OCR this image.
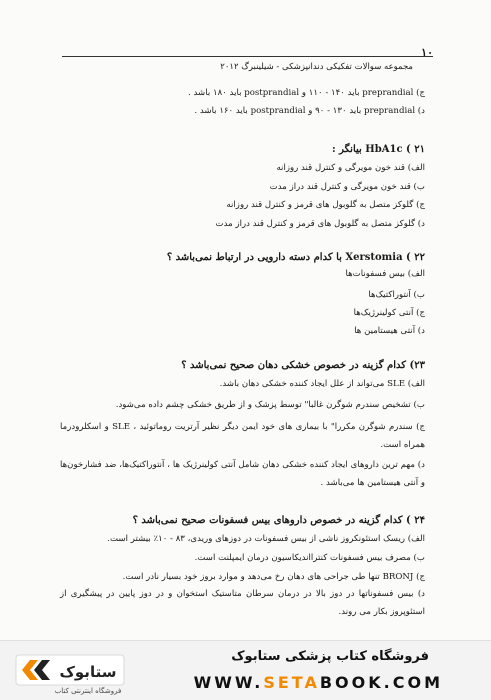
۱۰
مجموعه سوالات تفکیکی دندانپزشکی - شیلینبرگ ۲۰۱۲
ج) preprandial باید ۱۴۰ - ۱۱۰ و postprandial باید ۱۸۰ باشد .
د) preprandial باید ۱۳۰ - ۹۰ و postprandial باید ۱۶۰ باشد .
۲۱ ) HbA1c بیانگر :
الف) قند خون مویرگی و کنترل قند روزانه
ب) قند خون مویرگی و کنترل قند دراز مدت
ج) گلوکز متصل به گلوبول های قرمز و کنترل قند روزانه
د) گلوکز متصل به گلوبول های قرمز و کنترل قند دراز مدت
۲۲ ) Xerstomia با کدام دسته دارویی در ارتباط نمی‌باشد ؟
الف) بیس فسفونات‌ها
ب) آنتوراکتیک‌ها
ج) آنتی کولینرژیک‌ها
د) آنتی هیستامین ها
۲۳) کدام گزینه در خصوص خشکی دهان صحیح نمی‌باشد ؟
الف) SLE می‌تواند از علل ایجاد کننده خشکی دهان باشد.
ب) تشخیص سندرم شوگرن غالبا" توسط پزشک و از طریق خشکی چشم داده می‌شود.
ج) سندرم شوگرن مکررا" با بیماری های خود ایمن دیگر نظیر آرتریت روماتوئید ، SLE و اسکلرودرما همراه است.
د) مهم ترین داروهای ایجاد کننده خشکی دهان شامل آنتی کولینرژیک ها ، آنتوراکتیک‌ها، ضد فشارخون‌ها و آنتی هیستامین ها می‌باشد .
۲۴ ) کدام گزینه در خصوص داروهای بیس فسفونات صحیح نمی‌باشد ؟
الف) ریسک استئونکروز ناشی از بیس فسفونات در دوزهای وریدی، ۸۳ - ۱۰٪ بیشتر است.
ب) مصرف بیس فسفونات کنترااندیکاسیون درمان ایمپلنت است.
ج) BRONJ تنها طی جراحی های دهان رخ می‌دهد و موارد بروز خود بسیار نادر است.
د) بیس فسفوناتها در دوز بالا در درمان سرطان متاستیک استخوان و در دوز پایین در پیشگیری از استئوپروز بکار می روند.
ستابوک
فروشگاه اینترنتی کتاب
فروشگاه کتاب پزشکی ستابوک
WWW.SETABOOK.COM
